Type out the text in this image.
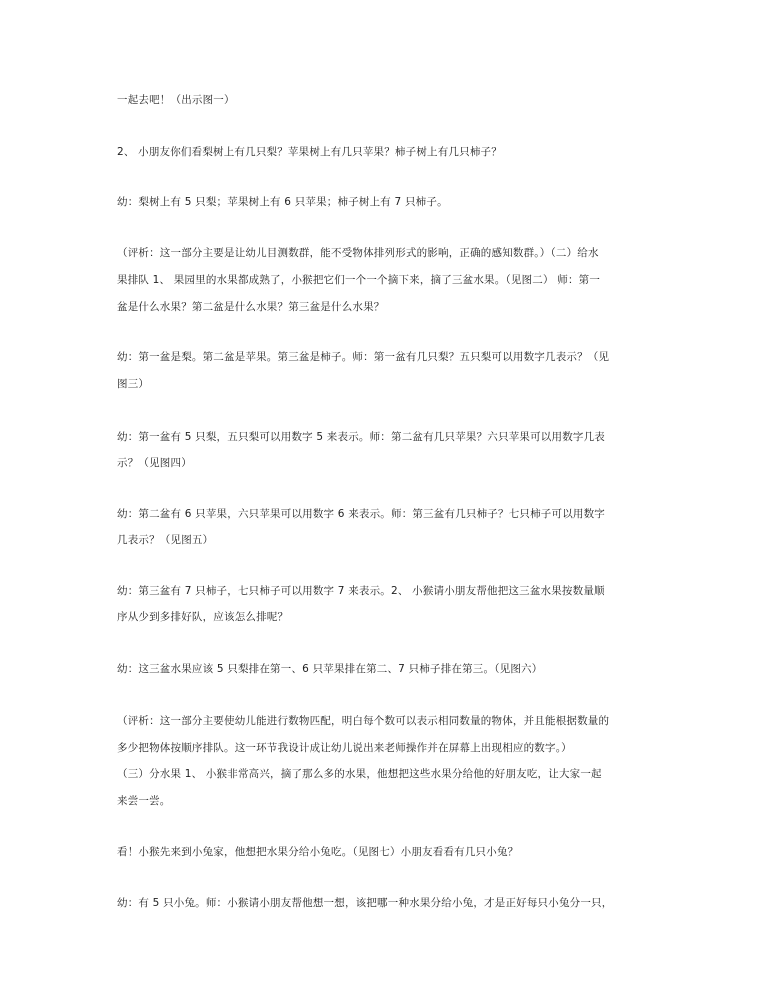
一起去吧！（出示图一）
2、 小朋友你们看梨树上有几只梨？苹果树上有几只苹果？柿子树上有几只柿子？
幼：梨树上有 5 只梨；苹果树上有 6 只苹果；柿子树上有 7 只柿子。
（评析：这一部分主要是让幼儿目测数群，能不受物体排列形式的影响，正确的感知数群。）（二）给水
果排队 1、 果园里的水果都成熟了，小猴把它们一个一个摘下来，摘了三盆水果。（见图二） 师：第一
盆是什么水果？第二盆是什么水果？第三盆是什么水果？
幼：第一盆是梨。第二盆是苹果。第三盆是柿子。师：第一盆有几只梨？五只梨可以用数字几表示？（见
图三）
幼：第一盆有 5 只梨，五只梨可以用数字 5 来表示。师：第二盆有几只苹果？六只苹果可以用数字几表
示？（见图四）
幼：第二盆有 6 只苹果，六只苹果可以用数字 6 来表示。师：第三盆有几只柿子？七只柿子可以用数字
几表示？（见图五）
幼：第三盆有 7 只柿子，七只柿子可以用数字 7 来表示。2、 小猴请小朋友帮他把这三盆水果按数量顺
序从少到多排好队，应该怎么排呢？
幼：这三盆水果应该 5 只梨排在第一、6 只苹果排在第二、7 只柿子排在第三。（见图六）
（评析：这一部分主要使幼儿能进行数物匹配，明白每个数可以表示相同数量的物体，并且能根据数量的
多少把物体按顺序排队。这一环节我设计成让幼儿说出来老师操作并在屏幕上出现相应的数字。）
（三）分水果 1、 小猴非常高兴，摘了那么多的水果，他想把这些水果分给他的好朋友吃，让大家一起
来尝一尝。
看！小猴先来到小兔家，他想把水果分给小兔吃。（见图七）小朋友看看有几只小兔？
幼：有 5 只小兔。师：小猴请小朋友帮他想一想，该把哪一种水果分给小兔，才是正好每只小兔分一只，
